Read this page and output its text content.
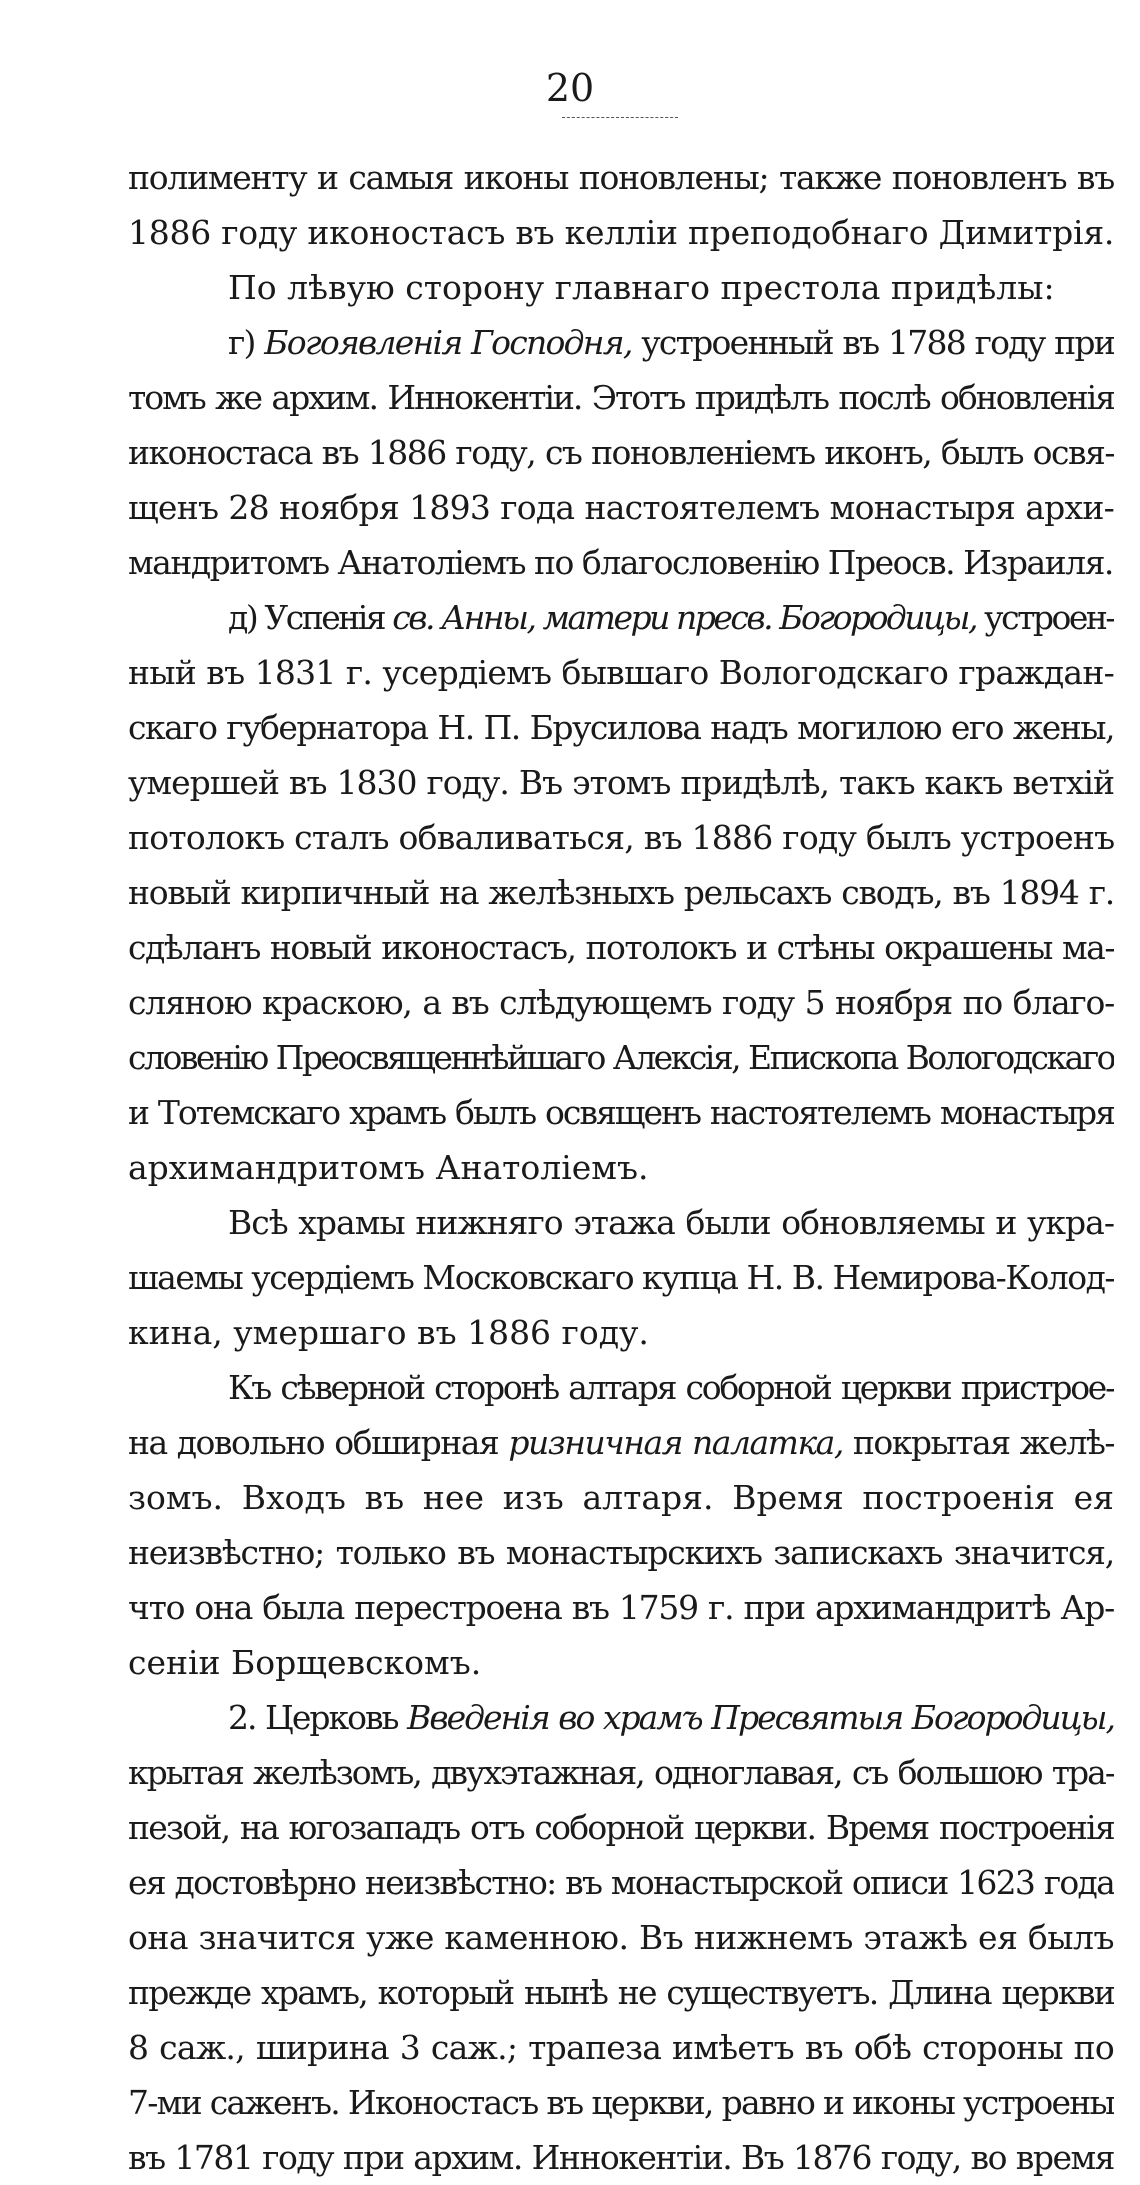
20
полименту и самыя иконы поновлены; также поновленъ въ
1886 году иконостасъ въ келліи преподобнаго Димитрія.
По лѣвую сторону главнаго престола придѣлы:
г) Богоявленія Господня, устроенный въ 1788 году при
томъ же архим. Иннокентіи. Этотъ придѣлъ послѣ обновленія
иконостаса въ 1886 году, съ поновленіемъ иконъ, былъ освя-
щенъ 28 ноября 1893 года настоятелемъ монастыря архи-
мандритомъ Анатоліемъ по благословенію Преосв. Израиля.
д) Успенія св. Анны, матери пресв. Богородицы, устроен-
ный въ 1831 г. усердіемъ бывшаго Вологодскаго граждан-
скаго губернатора Н. П. Брусилова надъ могилою его жены,
умершей въ 1830 году. Въ этомъ придѣлѣ, такъ какъ ветхій
потолокъ сталъ обваливаться, въ 1886 году былъ устроенъ
новый кирпичный на желѣзныхъ рельсахъ сводъ, въ 1894 г.
сдѣланъ новый иконостасъ, потолокъ и стѣны окрашены ма-
сляною краскою, а въ слѣдующемъ году 5 ноября по благо-
словенію Преосвященнѣйшаго Алексія, Епископа Вологодскаго
и Тотемскаго храмъ былъ освященъ настоятелемъ монастыря
архимандритомъ Анатоліемъ.
Всѣ храмы нижняго этажа были обновляемы и укра-
шаемы усердіемъ Московскаго купца Н. В. Немирова-Колод-
кина, умершаго въ 1886 году.
Къ сѣверной сторонѣ алтаря соборной церкви пристрое-
на довольно обширная ризничная палатка, покрытая желѣ-
зомъ. Входъ въ нее изъ алтаря. Время построенія ея
неизвѣстно; только въ монастырскихъ запискахъ значится,
что она была перестроена въ 1759 г. при архимандритѣ Ар-
сеніи Борщевскомъ.
2. Церковь Введенія во храмъ Пресвятыя Богородицы,
крытая желѣзомъ, двухэтажная, одноглавая, съ большою тра-
пезой, на югозападъ отъ соборной церкви. Время построенія
ея достовѣрно неизвѣстно: въ монастырской описи 1623 года
она значится уже каменною. Въ нижнемъ этажѣ ея былъ
прежде храмъ, который нынѣ не существуетъ. Длина церкви
8 саж., ширина 3 саж.; трапеза имѣетъ въ обѣ стороны по
7-ми саженъ. Иконостасъ въ церкви, равно и иконы устроены
въ 1781 году при архим. Иннокентіи. Въ 1876 году, во время
